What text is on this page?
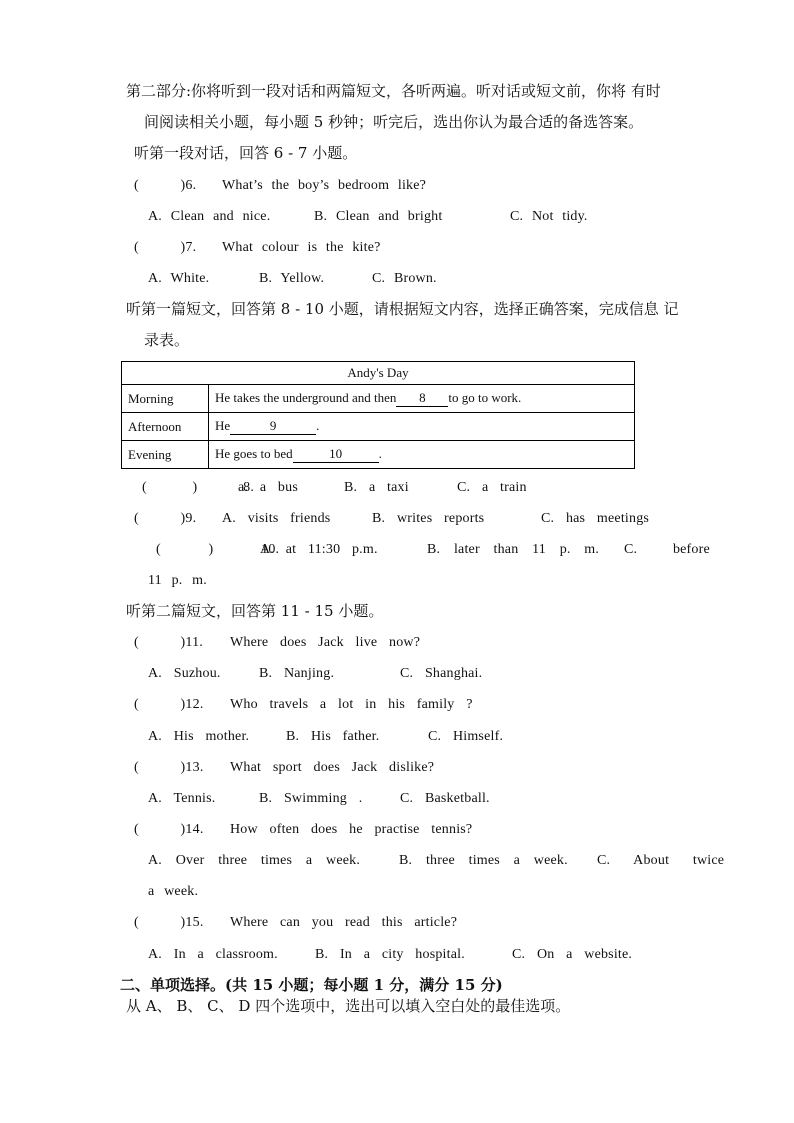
第二部分:你将听到一段对话和两篇短文，各听两遍。听对话或短文前，你将 有时
间阅读相关小题，每小题 5 秒钟；听完后，选出你认为最合适的备选答案。
听第一段对话，回答 6 - 7 小题。
( )6. What’s the boy’s bedroom like?
A. Clean and nice.	B. Clean and bright	C. Not tidy.
( )7. What colour is the kite?
A. White.	B. Yellow.	C. Brown.
听第一篇短文，回答第 8 - 10 小题，请根据短文内容，选择正确答案，完成信息 记
录表。
Andy's Day	
Morning	He takes the underground and then 8 to go to work.
Afternoon	He 9 .
Evening	He goes to bed 10 .
( ) 8.a. a bus	B. a taxi	C. a train
( )9. A. visits friends	B. writes reports	C. has meetings
( ) 10.A. at 11:30 p.m.	B. later than 11 p. m. C. before
11 p. m.
听第二篇短文，回答第 11 - 15 小题。
( )11. Where does Jack live now?
A. Suzhou.	B. Nanjing.	C. Shanghai.
( )12. Who travels a lot in his family ?
A. His mother.	B. His father.	C. Himself.
( )13. What sport does Jack dislike?
A. Tennis.	B. Swimming .	C. Basketball.
( )14. How often does he practise tennis?
A. Over three times a week.	B. three times a week. C. About twice
a week.
( )15. Where can you read this article?
A. In a classroom.	B. In a city hospital.	C. On a website.
二、单项选择。(共 15 小题；每小题 1 分，满分 15 分)
从 A、 B、 C、 D 四个选项中，选出可以填入空白处的最佳选项。
